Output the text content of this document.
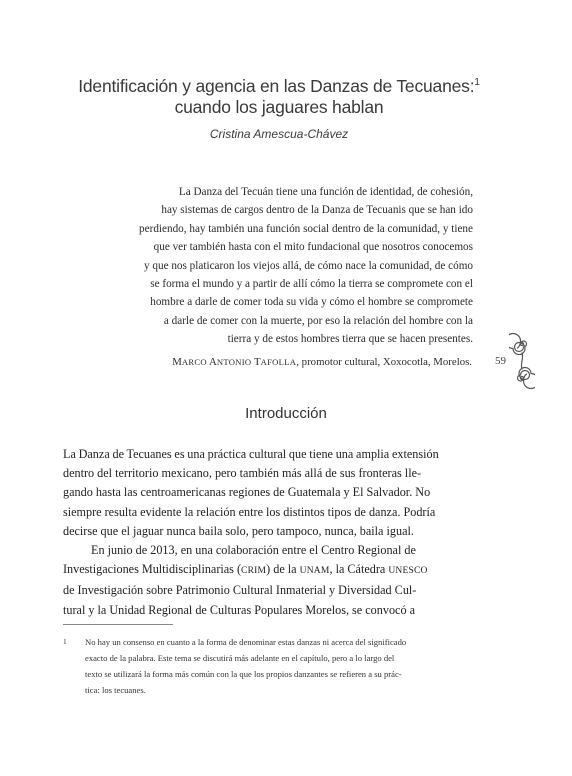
Identificación y agencia en las Danzas de Tecuanes:$^1$
cuando los jaguares hablan
Cristina Amescua-Chávez
La Danza del Tecuán tiene una función de identidad, de cohesión,
hay sistemas de cargos dentro de la Danza de Tecuanis que se han ido
perdiendo, hay también una función social dentro de la comunidad, y tiene
que ver también hasta con el mito fundacional que nosotros conocemos
y que nos platicaron los viejos allá, de cómo nace la comunidad, de cómo
se forma el mundo y a partir de allí cómo la tierra se compromete con el
hombre a darle de comer toda su vida y cómo el hombre se compromete
a darle de comer con la muerte, por eso la relación del hombre con la
tierra y de estos hombres tierra que se hacen presentes.
MARCO ANTONIO TAFOLLA, promotor cultural, Xoxocotla, Morelos. 59
Introducción
La Danza de Tecuanes es una práctica cultural que tiene una amplia extensión
dentro del territorio mexicano, pero también más allá de sus fronteras lle-
gando hasta las centroamericanas regiones de Guatemala y El Salvador. No
siempre resulta evidente la relación entre los distintos tipos de danza. Podría
decirse que el jaguar nunca baila solo, pero tampoco, nunca, baila igual.
En junio de 2013, en una colaboración entre el Centro Regional de
Investigaciones Multidisciplinarias (CRIM) de la UNAM, la Cátedra UNESCO
de Investigación sobre Patrimonio Cultural Inmaterial y Diversidad Cul-
tural y la Unidad Regional de Culturas Populares Morelos, se convocó a
1 No hay un consenso en cuanto a la forma de denominar estas danzas ni acerca del significado
exacto de la palabra. Este tema se discutirá más adelante en el capítulo, pero a lo largo del
texto se utilizará la forma más común con la que los propios danzantes se refieren a su prác-
tica: los tecuanes.
